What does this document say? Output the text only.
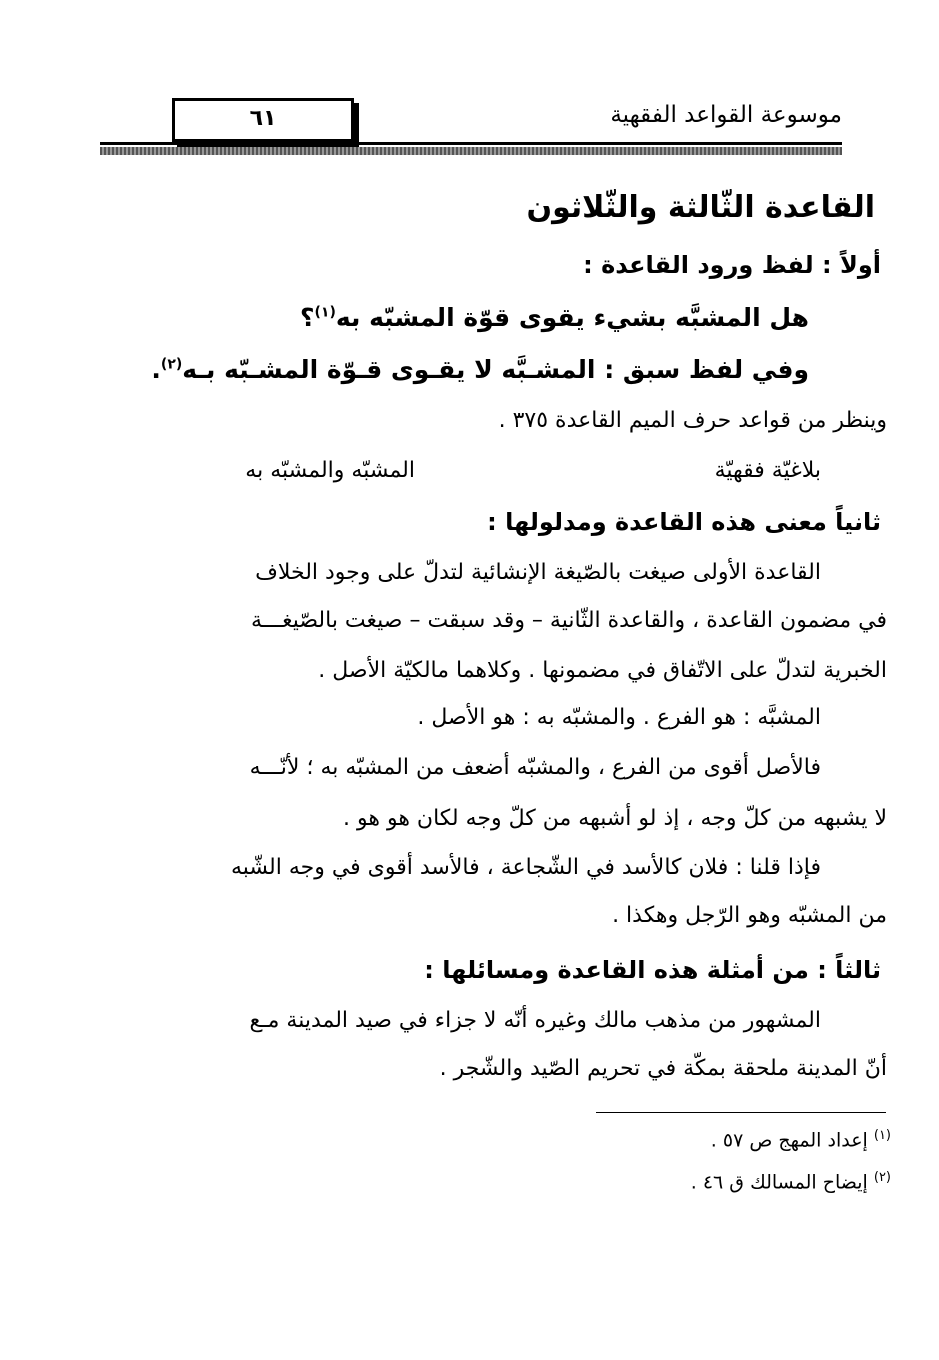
موسوعة القواعد الفقهية
٦١
القاعدة الثّالثة والثّلاثون
أولاً : لفظ ورود القاعدة :
هل المشبَّه بشيء يقوى قوّة المشبّه به$^{(١)}$؟
وفي لفظ سبق : المشـبَّه لا يقـوى قـوّة المشـبّه بـه$^{(٢)}$.
وينظر من قواعد حرف الميم القاعدة ٣٧٥ .
بلاغيّة فقهيّة
المشبّه والمشبّه به
ثانياً معنى هذه القاعدة ومدلولها :
القاعدة الأولى صيغت بالصّيغة الإنشائية لتدلّ على وجود الخلاف
في مضمون القاعدة ، والقاعدة الثّانية – وقد سبقت – صيغت بالصّيغـــة
الخبرية لتدلّ على الاتّفاق في مضمونها . وكلاهما مالكيّة الأصل .
المشبَّه : هو الفرع . والمشبّه به : هو الأصل .
فالأصل أقوى من الفرع ، والمشبّه أضعف من المشبّه به ؛ لأنّـــه
لا يشبهه من كلّ وجه ، إذ لو أشبهه من كلّ وجه لكان هو هو .
فإذا قلنا : فلان كالأسد في الشّجاعة ، فالأسد أقوى في وجه الشّبه
من المشبّه وهو الرّجل وهكذا .
ثالثاً : من أمثلة هذه القاعدة ومسائلها :
المشهور من مذهب مالك وغيره أنّه لا جزاء في صيد المدينة مـع
أنّ المدينة ملحقة بمكّة في تحريم الصّيد والشّجر .
$^{(١)}$ إعداد المهج ص ٥٧ .
$^{(٢)}$ إيضاح المسالك ق ٤٦ .
